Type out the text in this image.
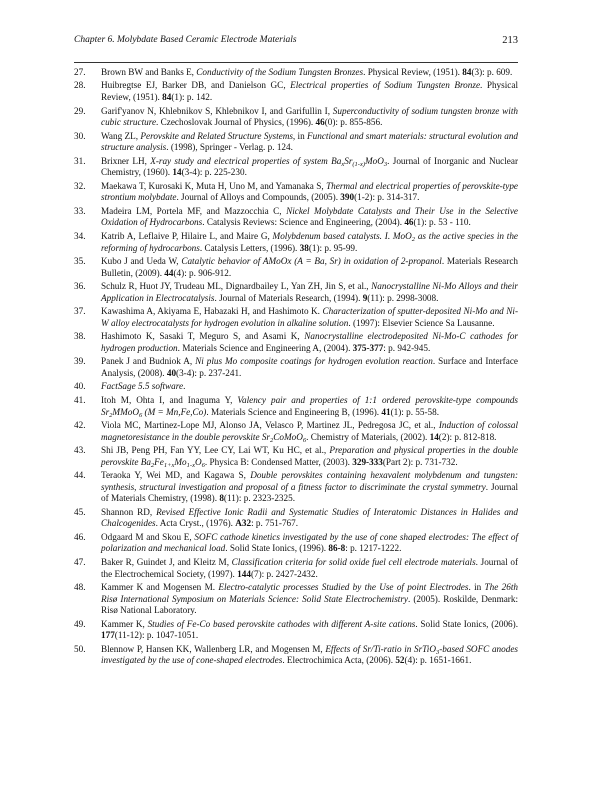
Chapter 6. Molybdate Based Ceramic Electrode Materials	213
27. Brown BW and Banks E, Conductivity of the Sodium Tungsten Bronzes. Physical Review, (1951). 84(3): p. 609.
28. Huibregtse EJ, Barker DB, and Danielson GC, Electrical properties of Sodium Tungsten Bronze. Physical Review, (1951). 84(1): p. 142.
29. Garif'yanov N, Khlebnikov S, Khlebnikov I, and Garifullin I, Superconductivity of sodium tungsten bronze with cubic structure. Czechoslovak Journal of Physics, (1996). 46(0): p. 855-856.
30. Wang ZL, Perovskite and Related Structure Systems, in Functional and smart materials: structural evolution and structure analysis. (1998), Springer - Verlag. p. 124.
31. Brixner LH, X-ray study and electrical properties of system $Ba_xSr_{(1-x)}MoO_3$. Journal of Inorganic and Nuclear Chemistry, (1960). 14(3-4): p. 225-230.
32. Maekawa T, Kurosaki K, Muta H, Uno M, and Yamanaka S, Thermal and electrical properties of perovskite-type strontium molybdate. Journal of Alloys and Compounds, (2005). 390(1-2): p. 314-317.
33. Madeira LM, Portela MF, and Mazzocchia C, Nickel Molybdate Catalysts and Their Use in the Selective Oxidation of Hydrocarbons. Catalysis Reviews: Science and Engineering, (2004). 46(1): p. 53 - 110.
34. Katrib A, Leflaive P, Hilaire L, and Maire G, Molybdenum based catalysts. I. MoO$_2$ as the active species in the reforming of hydrocarbons. Catalysis Letters, (1996). 38(1): p. 95-99.
35. Kubo J and Ueda W, Catalytic behavior of AMoOx (A = Ba, Sr) in oxidation of 2-propanol. Materials Research Bulletin, (2009). 44(4): p. 906-912.
36. Schulz R, Huot JY, Trudeau ML, Dignardbailey L, Yan ZH, Jin S, et al., Nanocrystalline Ni-Mo Alloys and their Application in Electrocatalysis. Journal of Materials Research, (1994). 9(11): p. 2998-3008.
37. Kawashima A, Akiyama E, Habazaki H, and Hashimoto K. Characterization of sputter-deposited Ni-Mo and Ni-W alloy electrocatalysts for hydrogen evolution in alkaline solution. (1997): Elsevier Science Sa Lausanne.
38. Hashimoto K, Sasaki T, Meguro S, and Asami K, Nanocrystalline electrodeposited Ni-Mo-C cathodes for hydrogen production. Materials Science and Engineering A, (2004). 375-377: p. 942-945.
39. Panek J and Budniok A, Ni plus Mo composite coatings for hydrogen evolution reaction. Surface and Interface Analysis, (2008). 40(3-4): p. 237-241.
40. FactSage 5.5 software.
41. Itoh M, Ohta I, and Inaguma Y, Valency pair and properties of 1:1 ordered perovskite-type compounds $Sr_2MMoO_6$ (M = Mn,Fe,Co). Materials Science and Engineering B, (1996). 41(1): p. 55-58.
42. Viola MC, Martinez-Lope MJ, Alonso JA, Velasco P, Martinez JL, Pedregosa JC, et al., Induction of colossal magnetoresistance in the double perovskite $Sr_2CoMoO_6$. Chemistry of Materials, (2002). 14(2): p. 812-818.
43. Shi JB, Peng PH, Fan YY, Lee CY, Lai WT, Ku HC, et al., Preparation and physical properties in the double perovskite $Ba_2Fe_{1+x}Mo_{1-x}O_6$. Physica B: Condensed Matter, (2003). 329-333(Part 2): p. 731-732.
44. Teraoka Y, Wei MD, and Kagawa S, Double perovskites containing hexavalent molybdenum and tungsten: synthesis, structural investigation and proposal of a fitness factor to discriminate the crystal symmetry. Journal of Materials Chemistry, (1998). 8(11): p. 2323-2325.
45. Shannon RD, Revised Effective Ionic Radii and Systematic Studies of Interatomic Distances in Halides and Chalcogenides. Acta Cryst., (1976). A32: p. 751-767.
46. Odgaard M and Skou E, SOFC cathode kinetics investigated by the use of cone shaped electrodes: The effect of polarization and mechanical load. Solid State Ionics, (1996). 86-8: p. 1217-1222.
47. Baker R, Guindet J, and Kleitz M, Classification criteria for solid oxide fuel cell electrode materials. Journal of the Electrochemical Society, (1997). 144(7): p. 2427-2432.
48. Kammer K and Mogensen M. Electro-catalytic processes Studied by the Use of point Electrodes. in The 26th Risø International Symposium on Materials Science: Solid State Electrochemistry. (2005). Roskilde, Denmark: Risø National Laboratory.
49. Kammer K, Studies of Fe-Co based perovskite cathodes with different A-site cations. Solid State Ionics, (2006). 177(11-12): p. 1047-1051.
50. Blennow P, Hansen KK, Wallenberg LR, and Mogensen M, Effects of Sr/Ti-ratio in SrTiO$_3$-based SOFC anodes investigated by the use of cone-shaped electrodes. Electrochimica Acta, (2006). 52(4): p. 1651-1661.
